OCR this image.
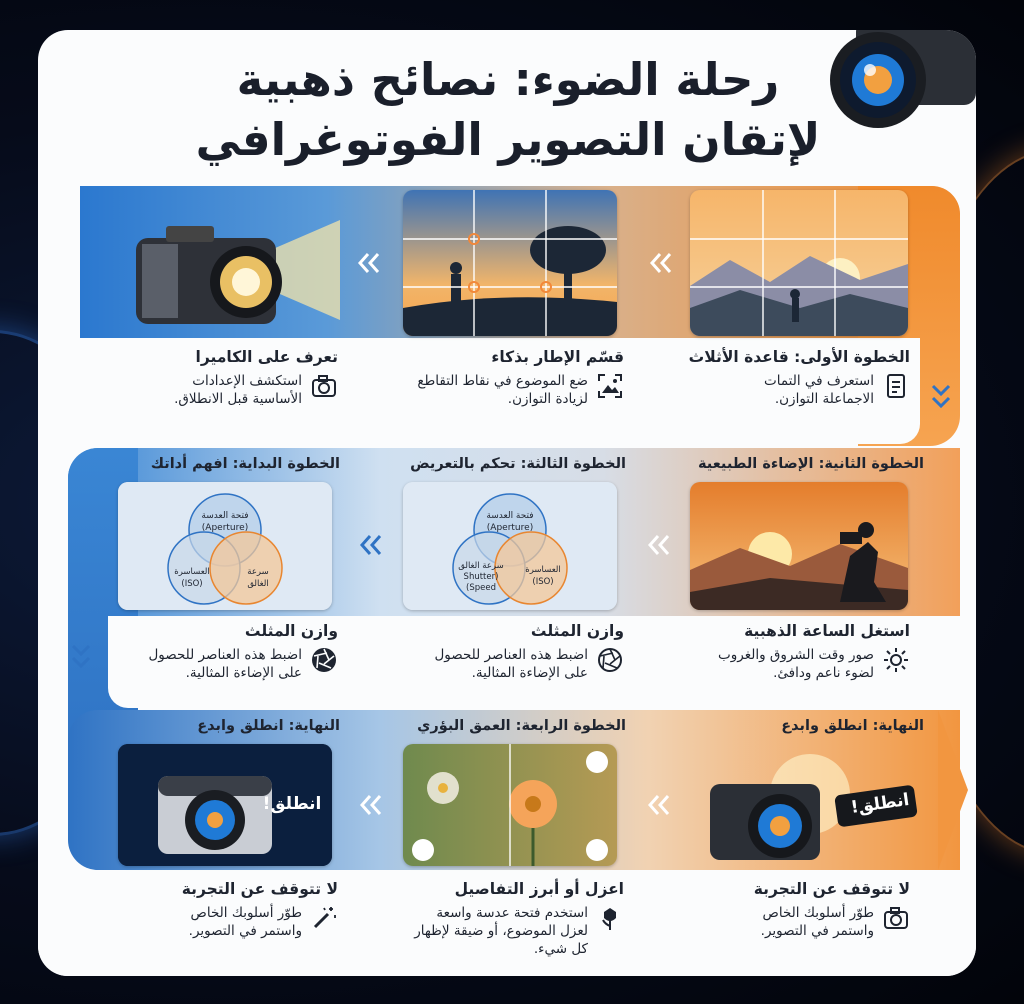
رحلة الضوء: نصائح ذهبية
لإتقان التصوير الفوتوغرافي
الخطوة الأولى: قاعدة الأثلاث
استعرف في التمات
الاجماعلة التوازن.
قسّم الإطار بذكاء
ضع الموضوع في نقاط التقاطع
لزيادة التوازن.
تعرف على الكاميرا
استكشف الإعدادات
الأساسية قبل الانطلاق.
الخطوة الثانية: الإضاءة الطبيعية
الخطوة الثالثة: تحكم بالتعريض
الخطوة البداية: افهم أداتك
فتحة العدسة
(Aperture)
سرعة الغالق
(Shutter
Speed)
العساسرة
(ISO)
فتحة العدسة
(Aperture)
العساسرة
(ISO)
سرعة
الغالق
استغل الساعة الذهبية
صور وقت الشروق والغروب
لضوء ناعم ودافئ.
وازن المثلث
اضبط هذه العناصر للحصول
على الإضاءة المثالية.
وازن المثلث
اضبط هذه العناصر للحصول
على الإضاءة المثالية.
النهاية: انطلق وابدع
الخطوة الرابعة: العمق البؤري
النهاية: انطلق وابدع
انطلق!
انطلق!
لا تتوقف عن التجربة
طوّر أسلوبك الخاص
واستمر في التصوير.
اعزل أو أبرز التفاصيل
استخدم فتحة عدسة واسعة
لعزل الموضوع، أو ضيقة لإظهار
كل شيء.
لا تتوقف عن التجربة
طوّر أسلوبك الخاص
واستمر في التصوير.
